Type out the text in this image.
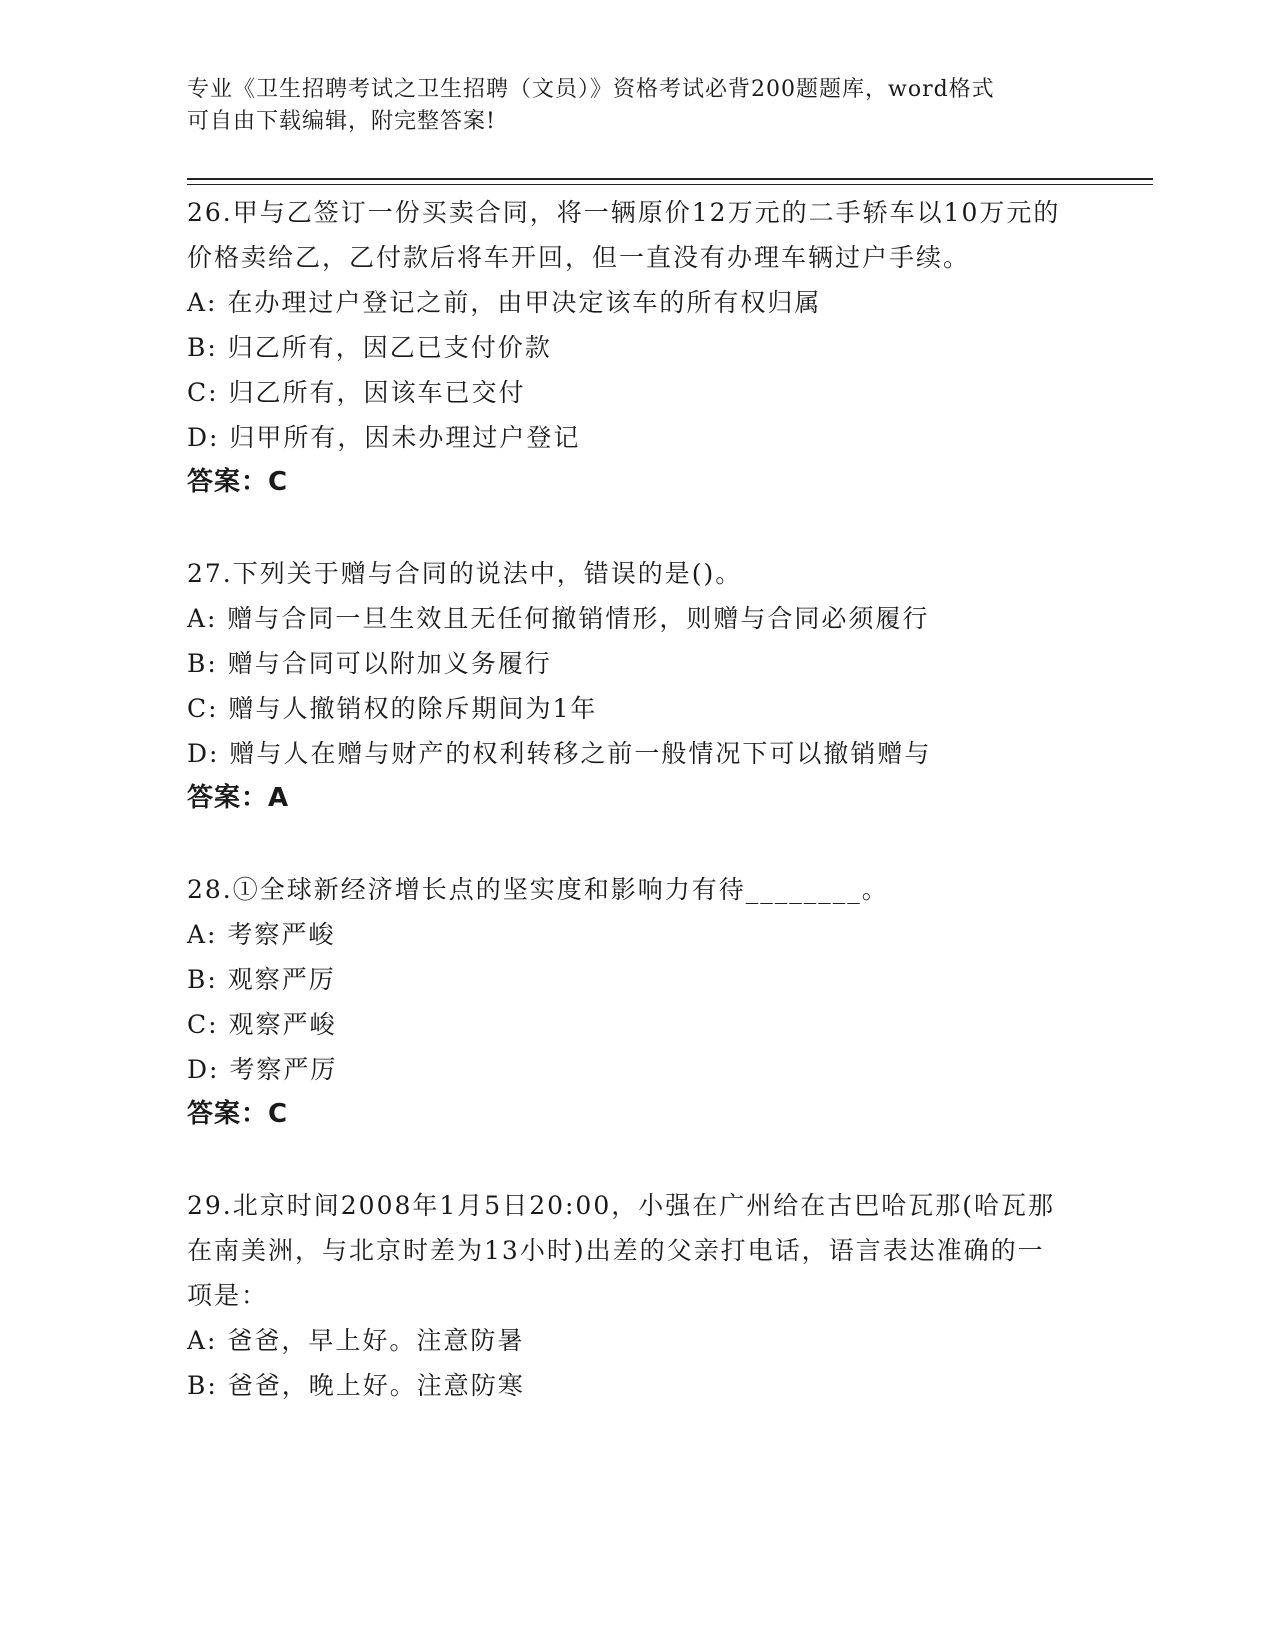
专业《卫生招聘考试之卫生招聘（文员）》资格考试必背200题题库，word格式
可自由下载编辑，附完整答案!
26.甲与乙签订一份买卖合同，将一辆原价12万元的二手轿车以10万元的价格卖给乙，乙付款后将车开回，但一直没有办理车辆过户手续。
A: 在办理过户登记之前，由甲决定该车的所有权归属
B: 归乙所有，因乙已支付价款
C: 归乙所有，因该车已交付
D: 归甲所有，因未办理过户登记
答案：C
27.下列关于赠与合同的说法中，错误的是()。
A: 赠与合同一旦生效且无任何撤销情形，则赠与合同必须履行
B: 赠与合同可以附加义务履行
C: 赠与人撤销权的除斥期间为1年
D: 赠与人在赠与财产的权利转移之前一般情况下可以撤销赠与
答案：A
28.①全球新经济增长点的坚实度和影响力有待________。
A: 考察严峻
B: 观察严厉
C: 观察严峻
D: 考察严厉
答案：C
29.北京时间2008年1月5日20:00，小强在广州给在古巴哈瓦那(哈瓦那在南美洲，与北京时差为13小时)出差的父亲打电话，语言表达准确的一项是：
A: 爸爸，早上好。注意防暑
B: 爸爸，晚上好。注意防寒
